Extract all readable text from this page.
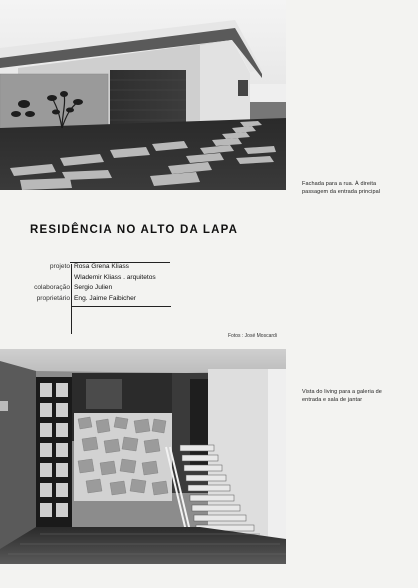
Fachada para a rua. À direita
passagem da entrada principal
RESIDÊNCIA NO ALTO DA LAPA
projeto Rosa Grena Kliass
Wlademir Kliass . arquitetos
colaboração Sergio Julien
proprietário Eng. Jaime Faibicher
Fotos : José Moscardi
Vista do living para a galeria de
entrada e sala de jantar
